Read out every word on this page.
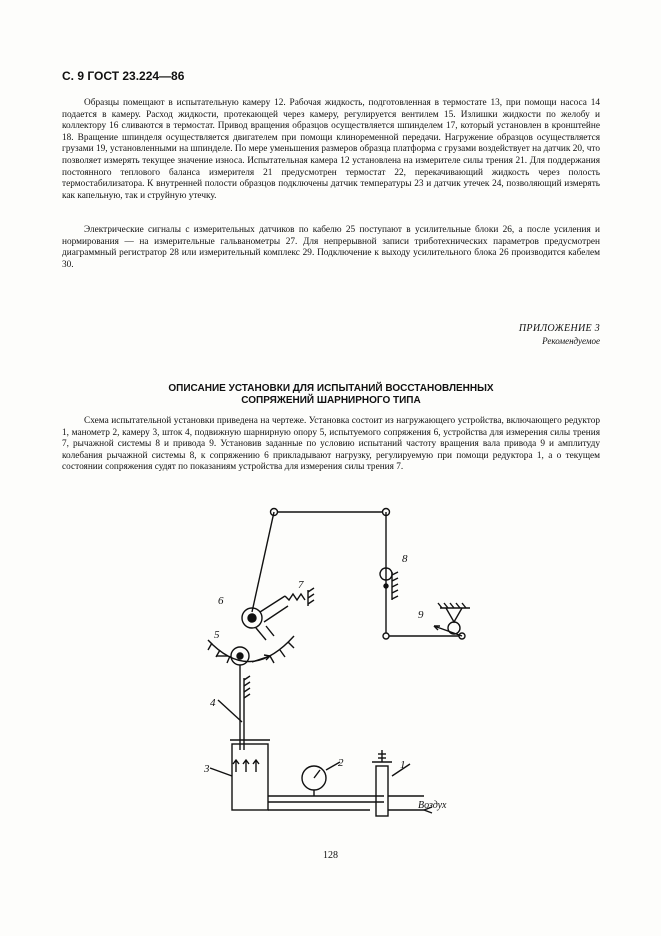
С. 9 ГОСТ 23.224—86

Образцы помещают в испытательную камеру 12. Рабочая жидкость, подготовленная в термостате 13, при помощи насоса 14 подается в камеру. Расход жидкости, протекающей через камеру, регулируется вентилем 15. Излишки жидкости по желобу и коллектору 16 сливаются в термостат. Привод вращения образцов осуществляется шпинделем 17, который установлен в кронштейне 18. Вращение шпинделя осуществляется двигателем при помощи клиноременной передачи. Нагружение образцов осуществляется грузами 19, установленными на шпинделе. По мере уменьшения размеров образца платформа с грузами воздействует на датчик 20, что позволяет измерять текущее значение износа. Испытательная камера 12 установлена на измерителе силы трения 21. Для поддержания постоянного теплового баланса измерителя 21 предусмотрен термостат 22, перекачивающий жидкость через полость термостабилизатора. К внутренней полости образцов подключены датчик температуры 23 и датчик утечек 24, позволяющий измерять как капельную, так и струйную утечку.

Электрические сигналы с измерительных датчиков по кабелю 25 поступают в усилительные блоки 26, а после усиления и нормирования — на измерительные гальванометры 27. Для непрерывной записи триботехнических параметров предусмотрен диаграммный регистратор 28 или измерительный комплекс 29. Подключение к выходу усилительного блока 26 производится кабелем 30.

ПРИЛОЖЕНИЕ 3
Рекомендуемое
ОПИСАНИЕ УСТАНОВКИ ДЛЯ ИСПЫТАНИЙ ВОССТАНОВЛЕННЫХ
СОПРЯЖЕНИЙ ШАРНИРНОГО ТИПА

Схема испытательной установки приведена на чертеже. Установка состоит из нагружающего устройства, включающего редуктор 1, манометр 2, камеру 3, шток 4, подвижную шарнирную опору 5, испытуемого сопряжения 6, устройства для измерения силы трения 7, рычажной системы 8 и привода 9. Установив заданные по условию испытаний частоту вращения вала привода 9 и амплитуду колебания рычажной системы 8, к сопряжению 6 прикладывают нагрузку, регулируемую при помощи редуктора 1, а о текущем состоянии сопряжения судят по показаниям устройства для измерения силы трения 7.

8
9
6
7
5
4
3	2	1
Воздух
128
